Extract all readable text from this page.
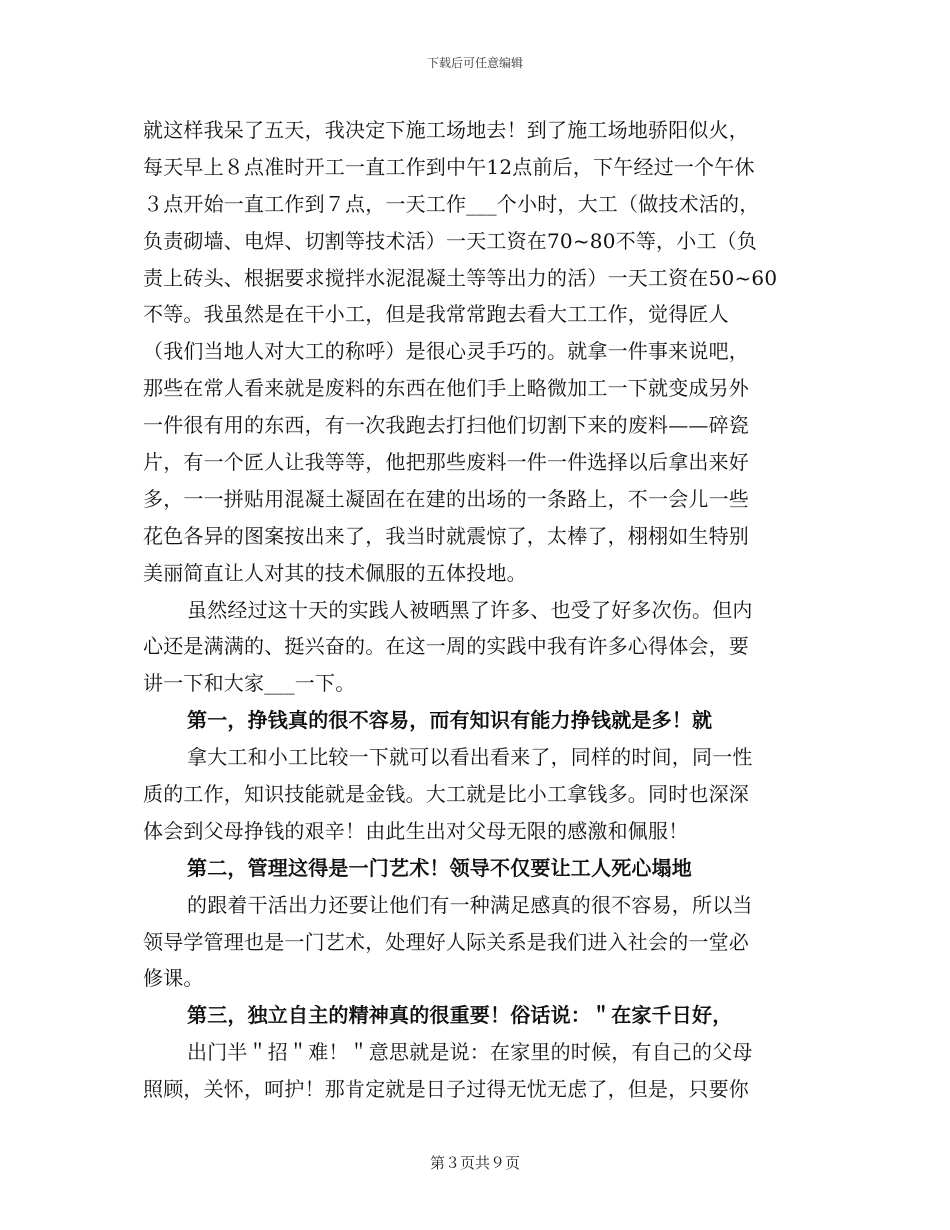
下载后可任意编辑
就这样我呆了五天，我决定下施工场地去！到了施工场地骄阳似火，
每天早上８点准时开工一直工作到中午12点前后，下午经过一个午休
３点开始一直工作到７点，一天工作___个小时，大工（做技术活的，
负责砌墙、电焊、切割等技术活）一天工资在70~80不等，小工（负
责上砖头、根据要求搅拌水泥混凝土等等出力的活）一天工资在50~60
不等。我虽然是在干小工，但是我常常跑去看大工工作，觉得匠人
（我们当地人对大工的称呼）是很心灵手巧的。就拿一件事来说吧，
那些在常人看来就是废料的东西在他们手上略微加工一下就变成另外
一件很有用的东西，有一次我跑去打扫他们切割下来的废料——碎瓷
片，有一个匠人让我等等，他把那些废料一件一件选择以后拿出来好
多，一一拼贴用混凝土凝固在在建的出场的一条路上，不一会儿一些
花色各异的图案按出来了，我当时就震惊了，太棒了，栩栩如生特别
美丽简直让人对其的技术佩服的五体投地。
虽然经过这十天的实践人被晒黑了许多、也受了好多次伤。但内
心还是满满的、挺兴奋的。在这一周的实践中我有许多心得体会，要
讲一下和大家___一下。
第一，挣钱真的很不容易，而有知识有能力挣钱就是多！就
拿大工和小工比较一下就可以看出看来了，同样的时间，同一性
质的工作，知识技能就是金钱。大工就是比小工拿钱多。同时也深深
体会到父母挣钱的艰辛！由此生出对父母无限的感激和佩服！
第二，管理这得是一门艺术！领导不仅要让工人死心塌地
的跟着干活出力还要让他们有一种满足感真的很不容易，所以当
领导学管理也是一门艺术，处理好人际关系是我们进入社会的一堂必
修课。
第三，独立自主的精神真的很重要！俗话说：＂在家千日好，
出门半＂招＂难！＂意思就是说：在家里的时候，有自己的父母
照顾，关怀，呵护！那肯定就是日子过得无忧无虑了，但是，只要你
第３页共９页
